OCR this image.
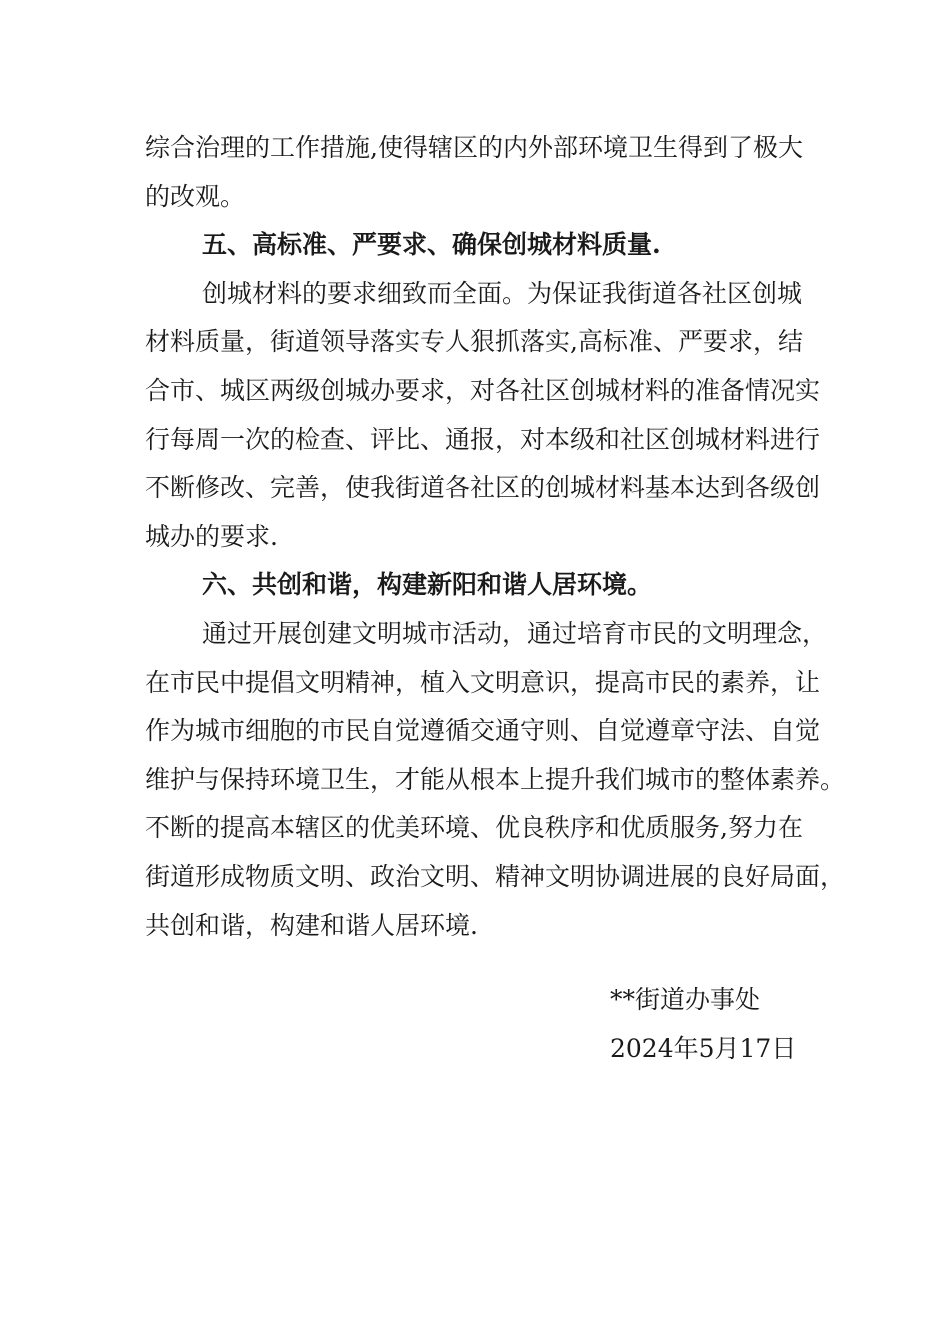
综合治理的工作措施,使得辖区的内外部环境卫生得到了极大
的改观。
五、高标准、严要求、确保创城材料质量.
创城材料的要求细致而全面。为保证我街道各社区创城
材料质量，街道领导落实专人狠抓落实,高标准、严要求，结
合市、城区两级创城办要求，对各社区创城材料的准备情况实
行每周一次的检查、评比、通报，对本级和社区创城材料进行
不断修改、完善，使我街道各社区的创城材料基本达到各级创
城办的要求.
六、共创和谐，构建新阳和谐人居环境。
通过开展创建文明城市活动，通过培育市民的文明理念，
在市民中提倡文明精神，植入文明意识，提高市民的素养，让
作为城市细胞的市民自觉遵循交通守则、自觉遵章守法、自觉
维护与保持环境卫生，才能从根本上提升我们城市的整体素养。
不断的提高本辖区的优美环境、优良秩序和优质服务,努力在
街道形成物质文明、政治文明、精神文明协调进展的良好局面，
共创和谐，构建和谐人居环境.
**街道办事处
2024年5月17日
